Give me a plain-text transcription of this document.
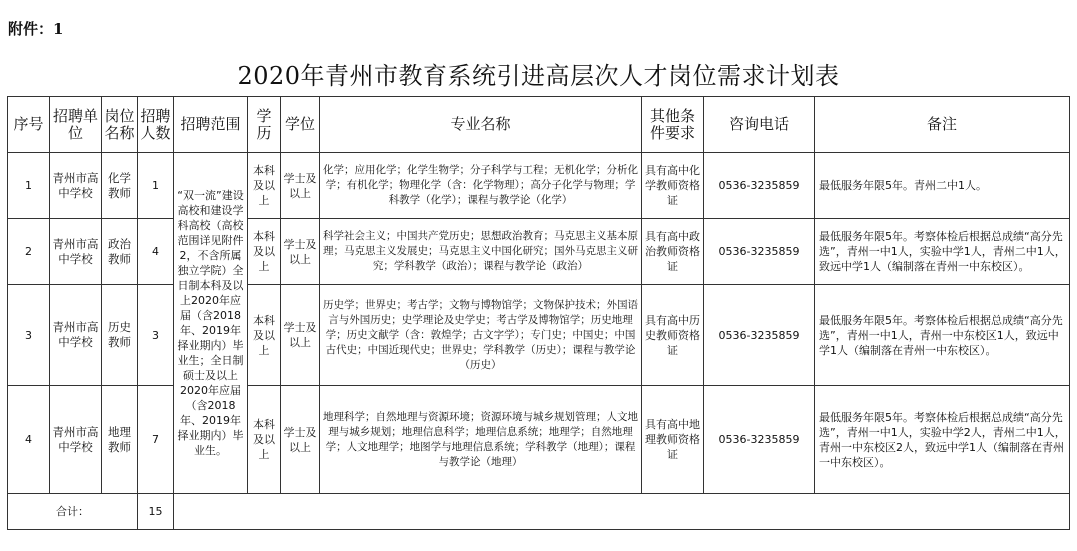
附件：1
2020年青州市教育系统引进高层次人才岗位需求计划表
序号	招聘单位	岗位名称	招聘人数	招聘范围	学历	学位	专业名称	其他条件要求	咨询电话	备注
1	青州市高中学校	化学教师	1	“双一流”建设高校和建设学科高校（高校范围详见附件2，不含所属独立学院）全日制本科及以上2020年应届（含2018年、2019年择业期内）毕业生；全日制硕士及以上2020年应届（含2018年、2019年择业期内）毕业生。	本科及以上	学士及以上	化学；应用化学；化学生物学；分子科学与工程；无机化学；分析化学；有机化学；物理化学（含：化学物理）；高分子化学与物理；学科教学（化学）；课程与教学论（化学）	具有高中化学教师资格证	0536-3235859	最低服务年限5年。青州二中1人。
2	青州市高中学校	政治教师	4		本科及以上	学士及以上	科学社会主义；中国共产党历史；思想政治教育；马克思主义基本原理；马克思主义发展史；马克思主义中国化研究；国外马克思主义研究；学科教学（政治）；课程与教学论（政治）	具有高中政治教师资格证	0536-3235859	最低服务年限5年。考察体检后根据总成绩“高分先选”，青州一中1人，实验中学1人，青州二中1人，致远中学1人（编制落在青州一中东校区）。
3	青州市高中学校	历史教师	3		本科及以上	学士及以上	历史学；世界史；考古学；文物与博物馆学；文物保护技术；外国语言与外国历史；史学理论及史学史；考古学及博物馆学；历史地理学；历史文献学（含：敦煌学；古文字学）；专门史；中国史；中国古代史；中国近现代史；世界史；学科教学（历史）；课程与教学论（历史）	具有高中历史教师资格证	0536-3235859	最低服务年限5年。考察体检后根据总成绩“高分先选”，青州一中1人，青州一中东校区1人，致远中学1人（编制落在青州一中东校区）。
4	青州市高中学校	地理教师	7		本科及以上	学士及以上	地理科学；自然地理与资源环境；资源环境与城乡规划管理；人文地理与城乡规划；地理信息科学；地理信息系统；地理学；自然地理学；人文地理学；地图学与地理信息系统；学科教学（地理）；课程与教学论（地理）	具有高中地理教师资格证	0536-3235859	最低服务年限5年。考察体检后根据总成绩“高分先选”，青州一中1人，实验中学2人，青州二中1人，青州一中东校区2人，致远中学1人（编制落在青州一中东校区）。
合计：			15							
